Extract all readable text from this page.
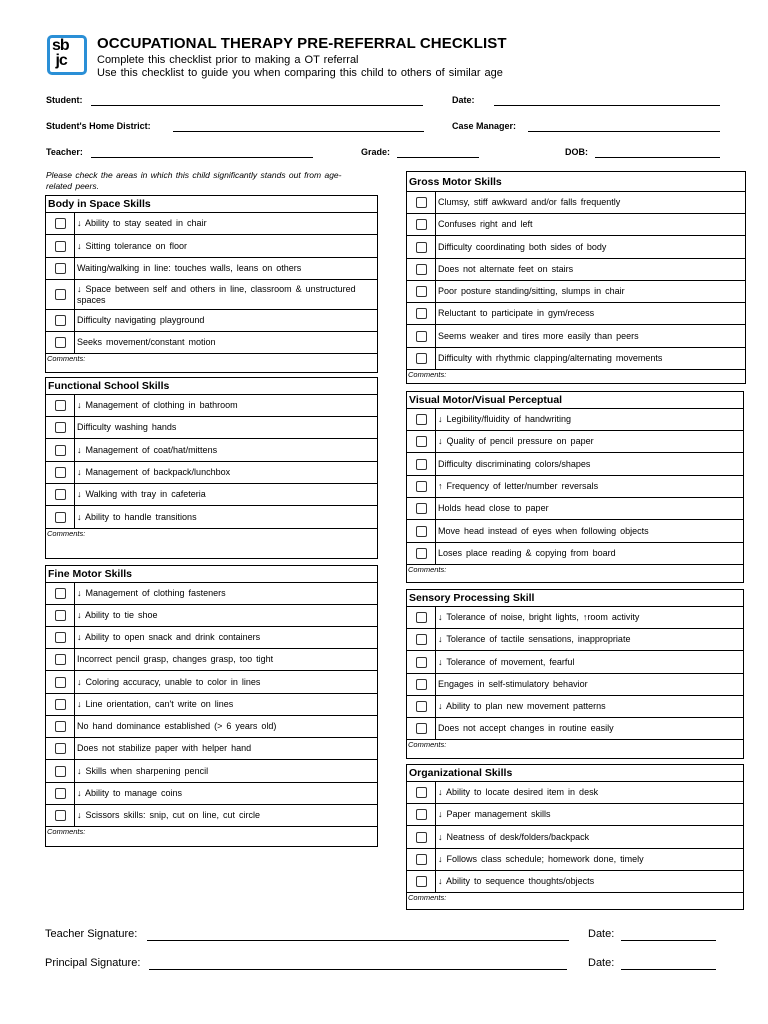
sb
jc
OCCUPATIONAL THERAPY PRE-REFERRAL CHECKLIST
Complete this checklist prior to making a OT referral
Use this checklist to guide you when comparing this child to others of similar age
Student:	Date:
Student's Home District:	Case Manager:
Teacher:	Grade:	DOB:
Please check the areas in which this child significantly stands out from age-related peers.
Body in Space Skills
↓ Ability to stay seated in chair
↓ Sitting tolerance on floor
Waiting/walking in line: touches walls, leans on others
↓ Space between self and others in line, classroom & unstructured spaces
Difficulty navigating playground
Seeks movement/constant motion
Comments:
Functional School Skills
↓ Management of clothing in bathroom
Difficulty washing hands
↓ Management of coat/hat/mittens
↓ Management of backpack/lunchbox
↓ Walking with tray in cafeteria
↓ Ability to handle transitions
Comments:
Fine Motor Skills
↓ Management of clothing fasteners
↓ Ability to tie shoe
↓ Ability to open snack and drink containers
Incorrect pencil grasp, changes grasp, too tight
↓ Coloring accuracy, unable to color in lines
↓ Line orientation, can't write on lines
No hand dominance established (> 6 years old)
Does not stabilize paper with helper hand
↓ Skills when sharpening pencil
↓ Ability to manage coins
↓ Scissors skills: snip, cut on line, cut circle
Comments:
Gross Motor Skills
Clumsy, stiff awkward and/or falls frequently
Confuses right and left
Difficulty coordinating both sides of body
Does not alternate feet on stairs
Poor posture standing/sitting, slumps in chair
Reluctant to participate in gym/recess
Seems weaker and tires more easily than peers
Difficulty with rhythmic clapping/alternating movements
Comments:
Visual Motor/Visual Perceptual
↓ Legibility/fluidity of handwriting
↓ Quality of pencil pressure on paper
Difficulty discriminating colors/shapes
↑ Frequency of letter/number reversals
Holds head close to paper
Move head instead of eyes when following objects
Loses place reading & copying from board
Comments:
Sensory Processing Skill
↓ Tolerance of noise, bright lights, ↑room activity
↓ Tolerance of tactile sensations, inappropriate
↓ Tolerance of movement, fearful
Engages in self-stimulatory behavior
↓ Ability to plan new movement patterns
Does not accept changes in routine easily
Comments:
Organizational Skills
↓ Ability to locate desired item in desk
↓ Paper management skills
↓ Neatness of desk/folders/backpack
↓ Follows class schedule; homework done, timely
↓ Ability to sequence thoughts/objects
Comments:
Teacher Signature:	Date:
Principal Signature:	Date:
